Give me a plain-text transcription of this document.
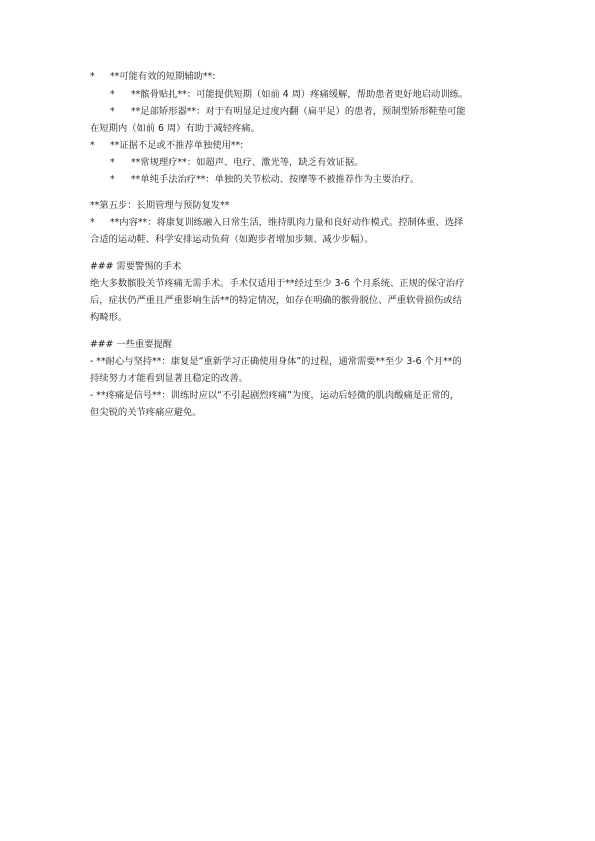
* **可能有效的短期辅助**:
* **髌骨贴扎**：可能提供短期（如前 4 周）疼痛缓解，帮助患者更好地启动训练。
* **足部矫形器**：对于有明显足过度内翻（扁平足）的患者，预制型矫形鞋垫可能
在短期内（如前 6 周）有助于减轻疼痛。
* **证据不足或不推荐单独使用**:
* **常规理疗**：如超声、电疗、激光等，缺乏有效证据。
* **单纯手法治疗**：单独的关节松动、按摩等不被推荐作为主要治疗。
**第五步：长期管理与预防复发**
* **内容**：将康复训练融入日常生活，维持肌肉力量和良好动作模式。控制体重、选择
合适的运动鞋、科学安排运动负荷（如跑步者增加步频、减少步幅）。
### 需要警惕的手术
绝大多数髌股关节疼痛无需手术。手术仅适用于**经过至少 3-6 个月系统、正规的保守治疗
后，症状仍严重且严重影响生活**的特定情况，如存在明确的髌骨脱位、严重软骨损伤或结
构畸形。
### 一些重要提醒
- **耐心与坚持**：康复是“重新学习正确使用身体”的过程，通常需要**至少 3-6 个月**的
持续努力才能看到显著且稳定的改善。
- **疼痛是信号**：训练时应以“不引起剧烈疼痛”为度，运动后轻微的肌肉酸痛是正常的，
但尖锐的关节疼痛应避免。
